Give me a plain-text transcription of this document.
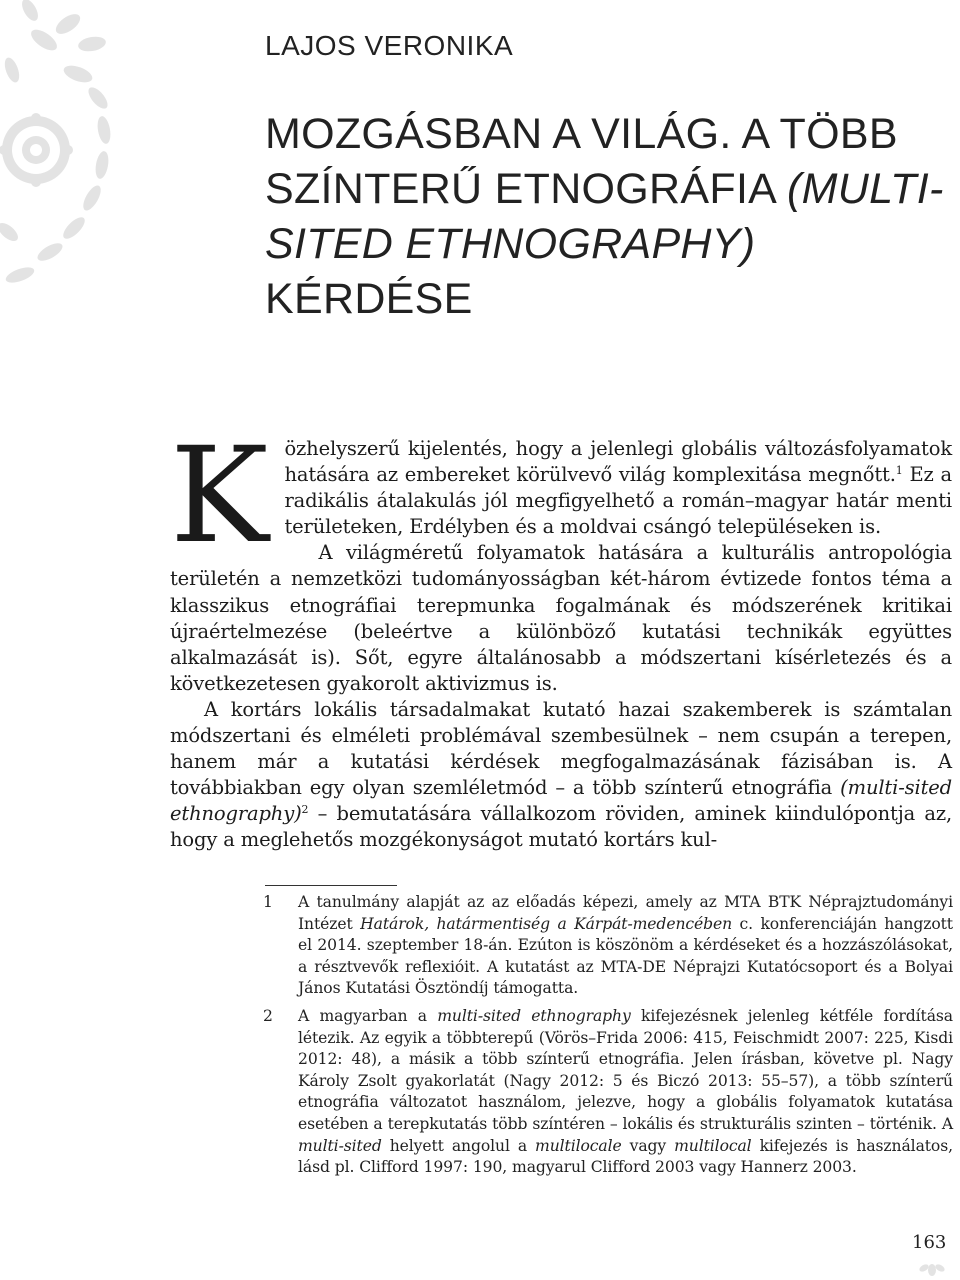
LAJOS VERONIKA
MOZGÁSBAN A VILÁG. A TÖBB SZÍNTERŰ ETNOGRÁFIA (MULTI-SITED ETHNOGRAPHY) KÉRDÉSE
K özhelyszerű kijelentés, hogy a jelenlegi globális változásfolyamatok hatására az embereket körülvevő világ komplexitása megnőtt.$^1$ Ez a radikális átalakulás jól megfigyelhető a román–magyar határ menti területeken, Erdélyben és a moldvai csángó településeken is.

A világméretű folyamatok hatására a kulturális antropológia területén a nemzetközi tudományosságban két-három évtizede fontos téma a klasszikus etnográfiai terepmunka fogalmának és módszerének kritikai újraértelmezése (beleértve a különböző kutatási technikák együttes alkalmazását is). Sőt, egyre általánosabb a módszertani kísérletezés és a következetesen gyakorolt aktivizmus is.

A kortárs lokális társadalmakat kutató hazai szakemberek is számtalan módszertani és elméleti problémával szembesülnek – nem csupán a terepen, hanem már a kutatási kérdések megfogalmazásának fázisában is. A továbbiakban egy olyan szemléletmód – a több színterű etnográfia (multi-sited ethnography)$^2$ – bemutatására vállalkozom röviden, aminek kiindulópontja az, hogy a meglehetős mozgékonyságot mutató kortárs kul-

1	A tanulmány alapját az az előadás képezi, amely az MTA BTK Néprajztudományi Intézet Határok, határmentiség a Kárpát-medencében c. konferenciáján hangzott el 2014. szeptember 18-án. Ezúton is köszönöm a kérdéseket és a hozzászólásokat, a résztvevők reflexióit. A kutatást az MTA-DE Néprajzi Kutatócsoport és a Bolyai János Kutatási Ösztöndíj támogatta.
2	A magyarban a multi-sited ethnography kifejezésnek jelenleg kétféle fordítása létezik. Az egyik a többterepű (Vörös–Frida 2006: 415, Feischmidt 2007: 225, Kisdi 2012: 48), a másik a több színterű etnográfia. Jelen írásban, követve pl. Nagy Károly Zsolt gyakorlatát (Nagy 2012: 5 és Biczó 2013: 55–57), a több színterű etnográfia változatot használom, jelezve, hogy a globális folyamatok kutatása esetében a terepkutatás több színtéren – lokális és strukturális szinten – történik. A multi-sited helyett angolul a multilocale vagy multilocal kifejezés is használatos, lásd pl. Clifford 1997: 190, magyarul Clifford 2003 vagy Hannerz 2003.
163
